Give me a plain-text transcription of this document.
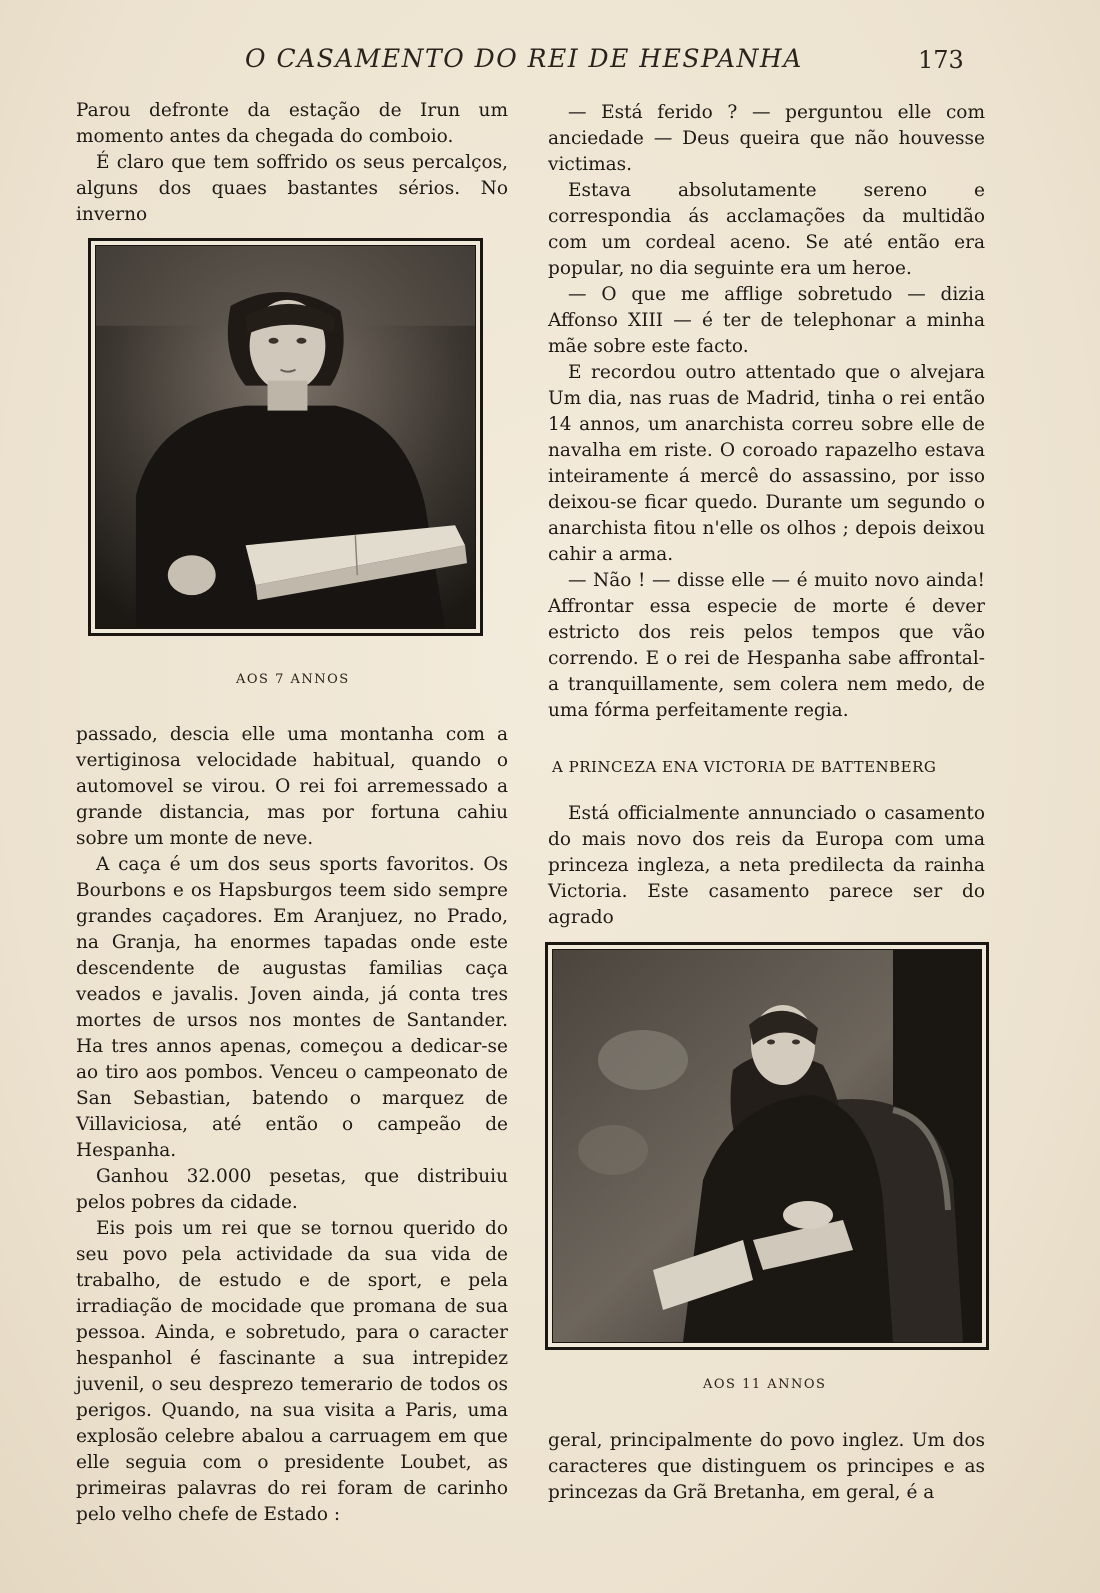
O CASAMENTO DO REI DE HESPANHA	173

Parou defronte da estação de Irun um momento antes da chegada do comboio.

É claro que tem soffrido os seus percalços, alguns dos quaes bastantes sérios. No inverno

AOS 7 ANNOS

passado, descia elle uma montanha com a vertiginosa velocidade habitual, quando o automovel se virou. O rei foi arremessado a grande distancia, mas por fortuna cahiu sobre um monte de neve.

A caça é um dos seus sports favoritos. Os Bourbons e os Hapsburgos teem sido sempre grandes caçadores. Em Aranjuez, no Prado, na Granja, ha enormes tapadas onde este descendente de augustas familias caça veados e javalis. Joven ainda, já conta tres mortes de ursos nos montes de Santander. Ha tres annos apenas, começou a dedicar-se ao tiro aos pombos. Venceu o campeonato de San Sebastian, batendo o marquez de Villaviciosa, até então o campeão de Hespanha.

Ganhou 32.000 pesetas, que distribuiu pelos pobres da cidade.

Eis pois um rei que se tornou querido do seu povo pela actividade da sua vida de trabalho, de estudo e de sport, e pela irradiação de mocidade que promana de sua pessoa. Ainda, e sobretudo, para o caracter hespanhol é fascinante a sua intrepidez juvenil, o seu desprezo temerario de todos os perigos. Quando, na sua visita a Paris, uma explosão celebre abalou a carruagem em que elle seguia com o presidente Loubet, as primeiras palavras do rei foram de carinho pelo velho chefe de Estado :

— Está ferido ? — perguntou elle com anciedade — Deus queira que não houvesse victimas.

Estava absolutamente sereno e correspondia ás acclamações da multidão com um cordeal aceno. Se até então era popular, no dia seguinte era um heroe.

— O que me afflige sobretudo — dizia Affonso XIII — é ter de telephonar a minha mãe sobre este facto.

E recordou outro attentado que o alvejara Um dia, nas ruas de Madrid, tinha o rei então 14 annos, um anarchista correu sobre elle de navalha em riste. O coroado rapazelho estava inteiramente á mercê do assassino, por isso deixou-se ficar quedo. Durante um segundo o anarchista fitou n'elle os olhos ; depois deixou cahir a arma.

— Não ! — disse elle — é muito novo ainda! Affrontar essa especie de morte é dever estricto dos reis pelos tempos que vão correndo. E o rei de Hespanha sabe affrontal-a tranquillamente, sem colera nem medo, de uma fórma perfeitamente regia.

A PRINCEZA ENA VICTORIA DE BATTENBERG

Está officialmente annunciado o casamento do mais novo dos reis da Europa com uma princeza ingleza, a neta predilecta da rainha Victoria. Este casamento parece ser do agrado

AOS 11 ANNOS

geral, principalmente do povo inglez. Um dos caracteres que distinguem os principes e as princezas da Grã Bretanha, em geral, é a
